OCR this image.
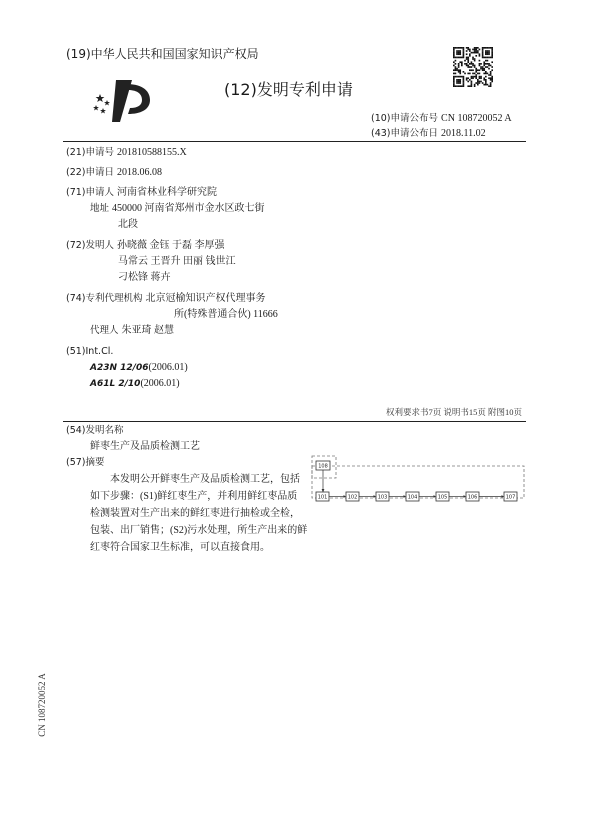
(19)中华人民共和国国家知识产权局
(12)发明专利申请
(10)申请公布号 CN 108720052 A
(43)申请公布日 2018.11.02
(21)申请号 201810588155.X
(22)申请日 2018.06.08
(71)申请人 河南省林业科学研究院
地址 450000 河南省郑州市金水区政七街
北段
(72)发明人 孙晓薇 金钰 于磊 李厚强
马常云 王晋升 田丽 钱世江
刁松锋 蒋卉
(74)专利代理机构 北京冠榆知识产权代理事务
所(特殊普通合伙) 11666
代理人 朱亚琦 赵慧
(51)Int.Cl.
A23N 12/06(2006.01)
A61L 2/10(2006.01)
权利要求书7页 说明书15页 附图10页
(54)发明名称
鲜枣生产及品质检测工艺
(57)摘要
本发明公开鲜枣生产及品质检测工艺，包括
如下步骤：(S1)鲜红枣生产，并利用鲜红枣品质
检测装置对生产出来的鲜红枣进行抽检或全检，
包装、出厂销售；(S2)污水处理，所生产出来的鲜
红枣符合国家卫生标准，可以直接食用。
108
101	102	103	104	105	106	107
CN 108720052 A
